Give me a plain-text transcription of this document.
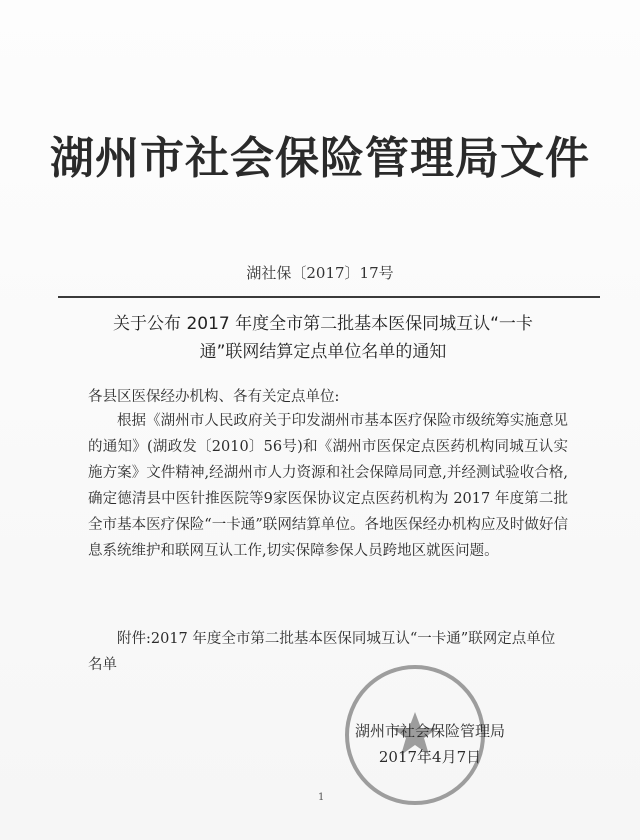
湖州市社会保险管理局文件
湖社保〔2017〕17号
关于公布 2017 年度全市第二批基本医保同城互认“一卡
通”联网结算定点单位名单的通知
各县区医保经办机构、各有关定点单位:
根据《湖州市人民政府关于印发湖州市基本医疗保险市级统筹实施意见的通知》(湖政发〔2010〕56号)和《湖州市医保定点医药机构同城互认实施方案》文件精神,经湖州市人力资源和社会保障局同意,并经测试验收合格,确定德清县中医针推医院等9家医保协议定点医药机构为 2017 年度第二批全市基本医疗保险“一卡通”联网结算单位。各地医保经办机构应及时做好信息系统维护和联网互认工作,切实保障参保人员跨地区就医问题。
附件:2017 年度全市第二批基本医保同城互认“一卡通”联网定点单位名单
湖州市社会保险管理局
2017年4月7日
1
